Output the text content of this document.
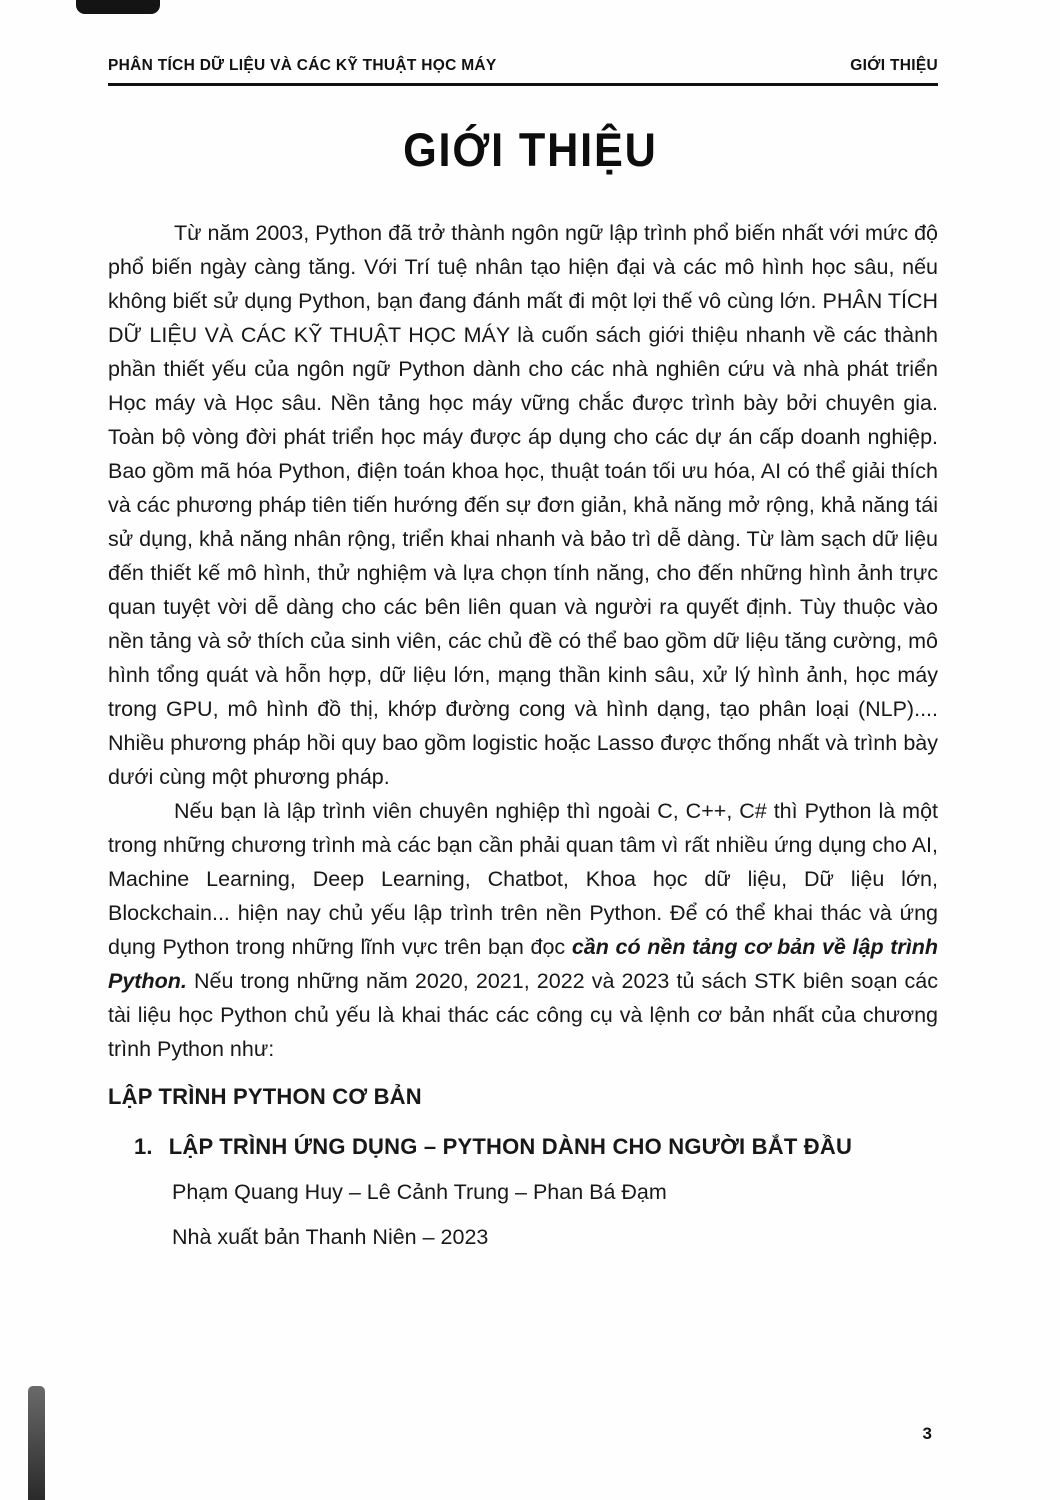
PHÂN TÍCH DỮ LIỆU VÀ CÁC KỸ THUẬT HỌC MÁY	GIỚI THIỆU
GIỚI THIỆU

Từ năm 2003, Python đã trở thành ngôn ngữ lập trình phổ biến nhất với mức độ phổ biến ngày càng tăng. Với Trí tuệ nhân tạo hiện đại và các mô hình học sâu, nếu không biết sử dụng Python, bạn đang đánh mất đi một lợi thế vô cùng lớn. PHÂN TÍCH DỮ LIỆU VÀ CÁC KỸ THUẬT HỌC MÁY là cuốn sách giới thiệu nhanh về các thành phần thiết yếu của ngôn ngữ Python dành cho các nhà nghiên cứu và nhà phát triển Học máy và Học sâu. Nền tảng học máy vững chắc được trình bày bởi chuyên gia. Toàn bộ vòng đời phát triển học máy được áp dụng cho các dự án cấp doanh nghiệp. Bao gồm mã hóa Python, điện toán khoa học, thuật toán tối ưu hóa, AI có thể giải thích và các phương pháp tiên tiến hướng đến sự đơn giản, khả năng mở rộng, khả năng tái sử dụng, khả năng nhân rộng, triển khai nhanh và bảo trì dễ dàng. Từ làm sạch dữ liệu đến thiết kế mô hình, thử nghiệm và lựa chọn tính năng, cho đến những hình ảnh trực quan tuyệt vời dễ dàng cho các bên liên quan và người ra quyết định. Tùy thuộc vào nền tảng và sở thích của sinh viên, các chủ đề có thể bao gồm dữ liệu tăng cường, mô hình tổng quát và hỗn hợp, dữ liệu lớn, mạng thần kinh sâu, xử lý hình ảnh, học máy trong GPU, mô hình đồ thị, khớp đường cong và hình dạng, tạo phân loại (NLP).... Nhiều phương pháp hồi quy bao gồm logistic hoặc Lasso được thống nhất và trình bày dưới cùng một phương pháp.

Nếu bạn là lập trình viên chuyên nghiệp thì ngoài C, C++, C# thì Python là một trong những chương trình mà các bạn cần phải quan tâm vì rất nhiều ứng dụng cho AI, Machine Learning, Deep Learning, Chatbot, Khoa học dữ liệu, Dữ liệu lớn, Blockchain... hiện nay chủ yếu lập trình trên nền Python. Để có thể khai thác và ứng dụng Python trong những lĩnh vực trên bạn đọc cần có nền tảng cơ bản về lập trình Python. Nếu trong những năm 2020, 2021, 2022 và 2023 tủ sách STK biên soạn các tài liệu học Python chủ yếu là khai thác các công cụ và lệnh cơ bản nhất của chương trình Python như:

LẬP TRÌNH PYTHON CƠ BẢN
1. LẬP TRÌNH ỨNG DỤNG – PYTHON DÀNH CHO NGƯỜI BẮT ĐẦU
Phạm Quang Huy – Lê Cảnh Trung – Phan Bá Đạm
Nhà xuất bản Thanh Niên – 2023
3
